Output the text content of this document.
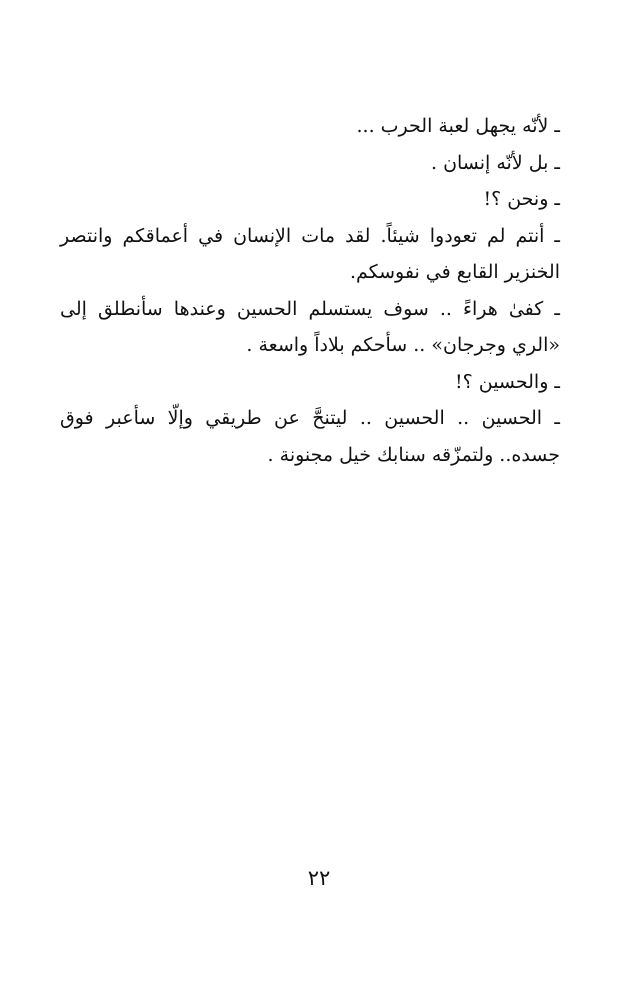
ـ لأنّه يجهل لعبة الحرب ...
ـ بل لأنّه إنسان .
ـ ونحن ؟!
ـ أنتم لم تعودوا شيئاً. لقد مات الإنسان في أعماقكم وانتصر
الخنزير القابع في نفوسكم.
ـ كفىٰ هراءً .. سوف يستسلم الحسين وعندها سأنطلق إلى
«الري وجرجان» .. سأحكم بلاداً واسعة .
ـ والحسين ؟!
ـ الحسين .. الحسين .. ليتنحَّ عن طريقي وإلّا سأعبر فوق
جسده.. ولتمزّقه سنابك خيل مجنونة .
٢٢
